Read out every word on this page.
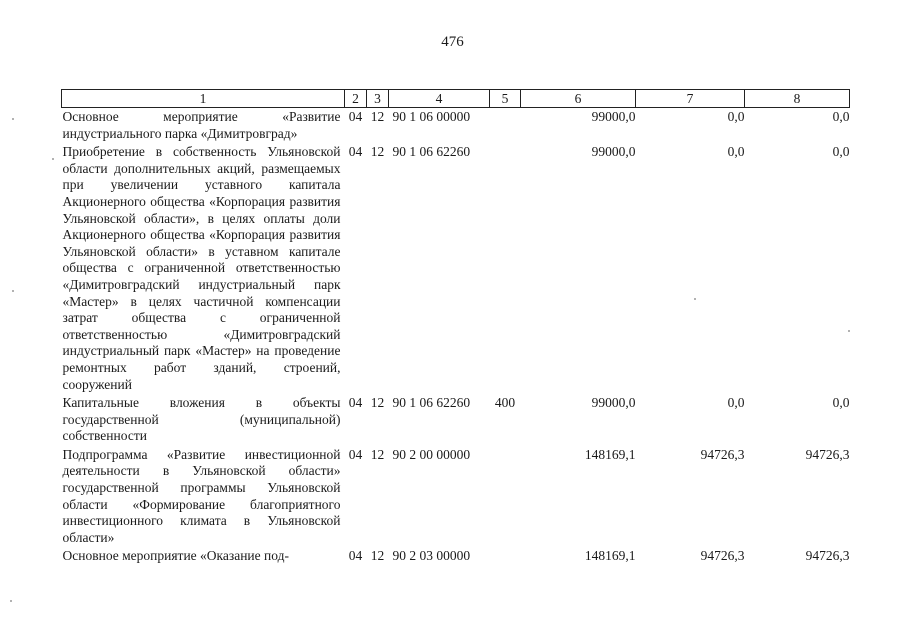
476
1	2	3	4	5	6	7	8
Основное мероприятие «Развитие индустриального парка «Димитровград»	04	12	90 1 06 00000		99000,0	0,0	0,0
Приобретение в собственность Ульяновской области дополнительных акций, размещаемых при увеличении уставного капитала Акционерного общества «Корпорация развития Ульяновской области», в целях оплаты доли Акционерного общества «Корпорация развития Ульяновской области» в уставном капитале общества с ограниченной ответственностью «Димитровградский индустриальный парк «Мастер» в целях частичной компенсации затрат общества с ограниченной ответственностью «Димитровградский индустриальный парк «Мастер» на проведение ремонтных работ зданий, строений, сооружений	04	12	90 1 06 62260		99000,0	0,0	0,0
Капитальные вложения в объекты государственной (муниципальной) собственности	04	12	90 1 06 62260	400	99000,0	0,0	0,0
Подпрограмма «Развитие инвестиционной деятельности в Ульяновской области» государственной программы Ульяновской области «Формирование благоприятного инвестиционного климата в Ульяновской области»	04	12	90 2 00 00000		148169,1	94726,3	94726,3
Основное мероприятие «Оказание под-	04	12	90 2 03 00000		148169,1	94726,3	94726,3
